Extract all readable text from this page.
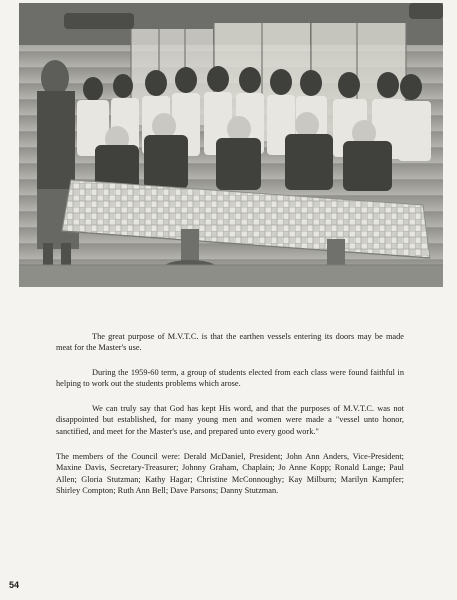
The great purpose of M.V.T.C. is that the earthen vessels entering its doors may be made meat for the Master's use.

During the 1959-60 term, a group of students elected from each class were found faithful in helping to work out the students problems which arose.

We can truly say that God has kept His word, and that the purposes of M.V.T.C. was not disappointed but established, for many young men and women were made a "vessel unto honor, sanctified, and meet for the Master's use, and prepared unto every good work."

The members of the Council were: Derald McDaniel, President; John Ann Anders, Vice-President; Maxine Davis, Secretary-Treasurer; Johnny Graham, Chaplain; Jo Anne Kopp; Ronald Lange; Paul Allen; Gloria Stutzman; Kathy Hagar; Christine McConnoughy; Kay Milburn; Marilyn Kampfer; Shirley Compton; Ruth Ann Bell; Dave Parsons; Danny Stutzman.

54
